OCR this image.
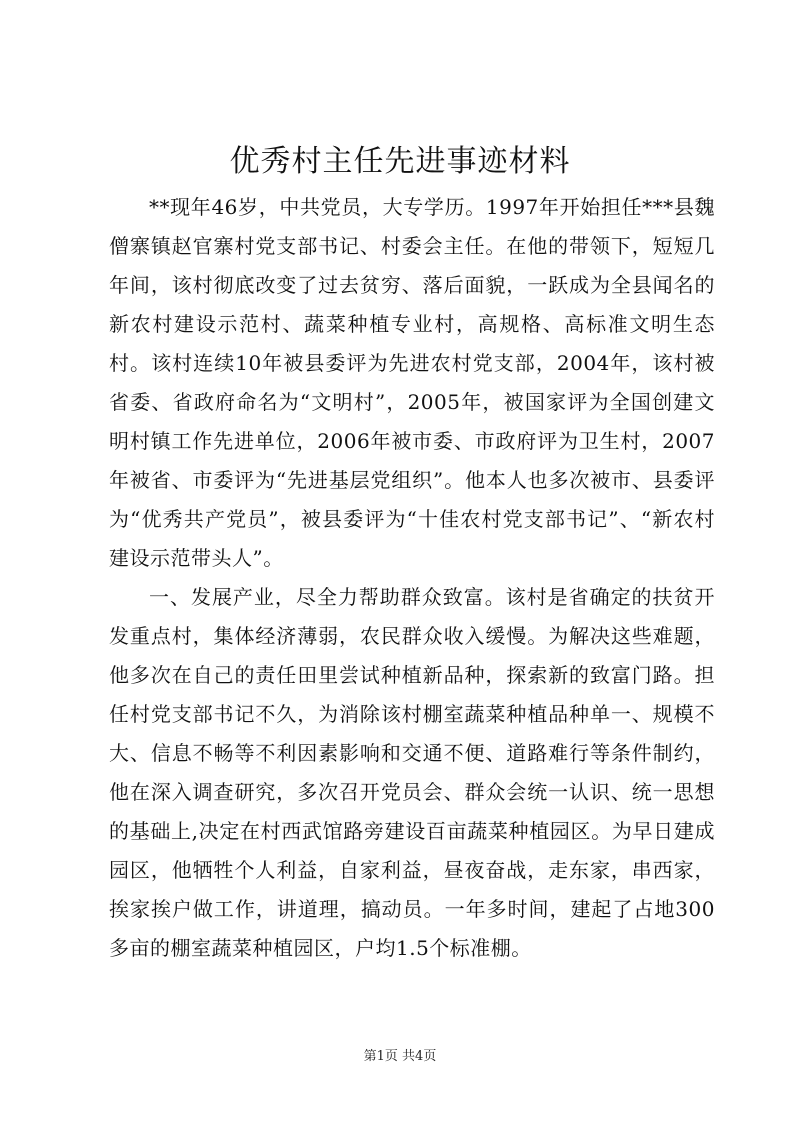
优秀村主任先进事迹材料

**现年46岁，中共党员，大专学历。1997年开始担任***县魏僧寨镇赵官寨村党支部书记、村委会主任。在他的带领下，短短几年间，该村彻底改变了过去贫穷、落后面貌，一跃成为全县闻名的新农村建设示范村、蔬菜种植专业村，高规格、高标准文明生态村。该村连续10年被县委评为先进农村党支部，2004年，该村被省委、省政府命名为“文明村”，2005年，被国家评为全国创建文明村镇工作先进单位，2006年被市委、市政府评为卫生村，2007年被省、市委评为“先进基层党组织”。他本人也多次被市、县委评为“优秀共产党员”，被县委评为“十佳农村党支部书记”、“新农村建设示范带头人”。

一、发展产业，尽全力帮助群众致富。该村是省确定的扶贫开发重点村，集体经济薄弱，农民群众收入缓慢。为解决这些难题，他多次在自己的责任田里尝试种植新品种，探索新的致富门路。担任村党支部书记不久，为消除该村棚室蔬菜种植品种单一、规模不大、信息不畅等不利因素影响和交通不便、道路难行等条件制约，他在深入调查研究，多次召开党员会、群众会统一认识、统一思想的基础上,决定在村西武馆路旁建设百亩蔬菜种植园区。为早日建成园区，他牺牲个人利益，自家利益，昼夜奋战，走东家，串西家，挨家挨户做工作，讲道理，搞动员。一年多时间，建起了占地300多亩的棚室蔬菜种植园区，户均1.5个标准棚。

第1页 共4页
